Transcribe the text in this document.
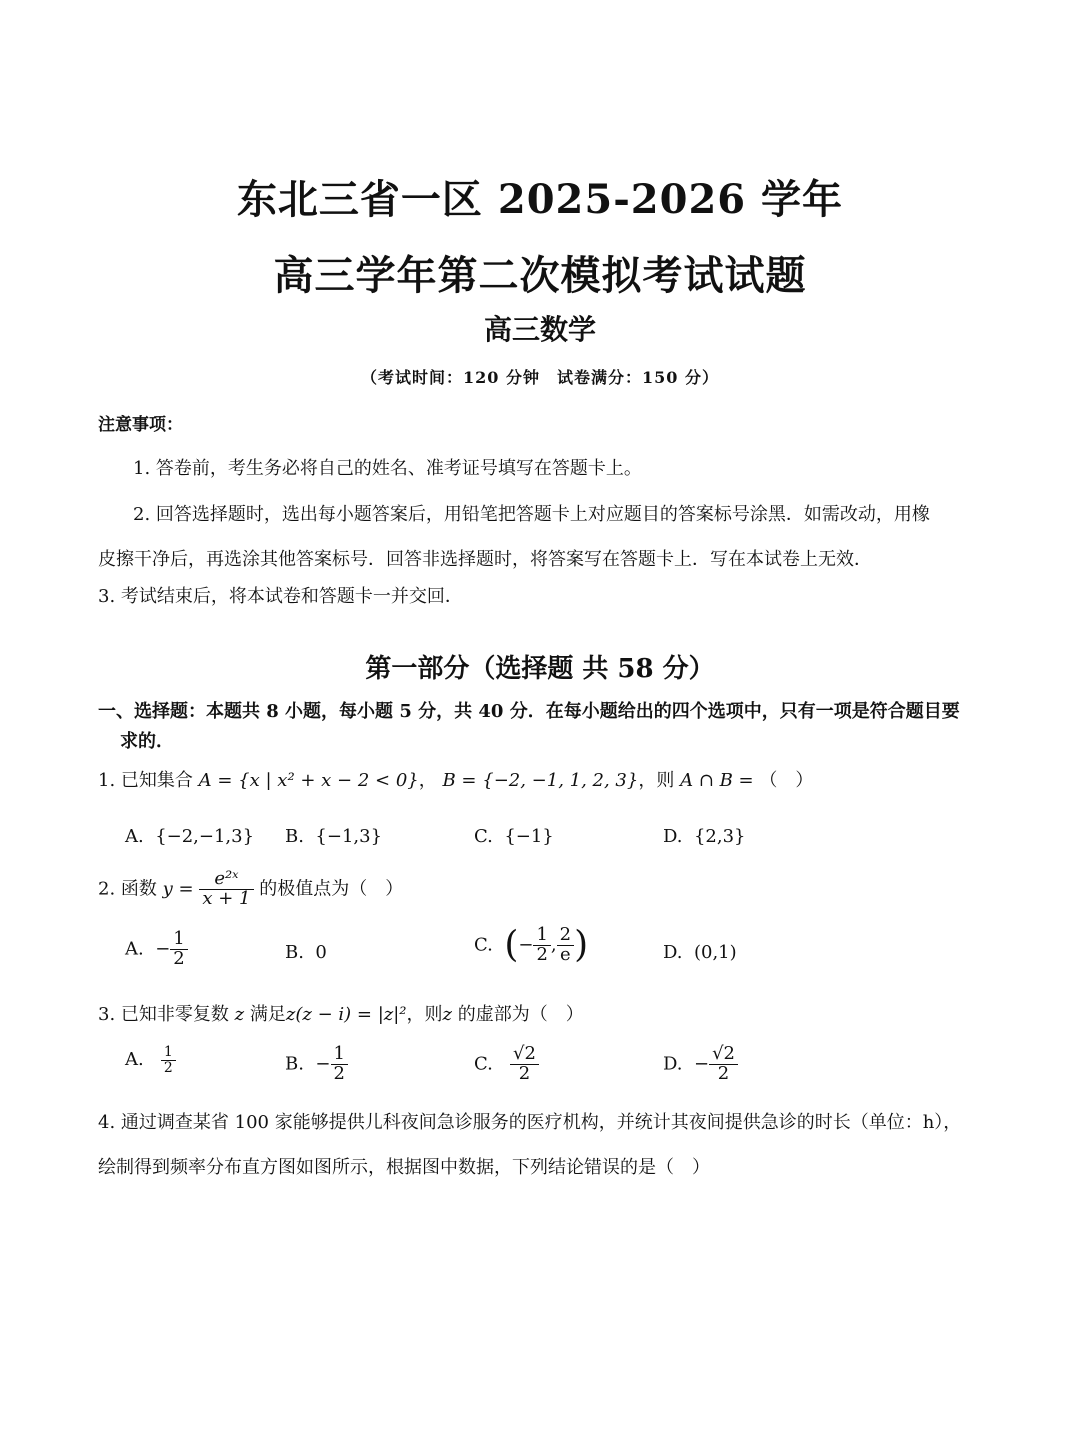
东北三省一区 2025-2026 学年
高三学年第二次模拟考试试题
高三数学
（考试时间：120 分钟　试卷满分：150 分）
注意事项：
1. 答卷前，考生务必将自己的姓名、准考证号填写在答题卡上。
2. 回答选择题时，选出每小题答案后，用铅笔把答题卡上对应题目的答案标号涂黑．如需改动，用橡
皮擦干净后，再选涂其他答案标号．回答非选择题时，将答案写在答题卡上．写在本试卷上无效．
3. 考试结束后，将本试卷和答题卡一并交回．
第一部分（选择题 共 58 分）
一、选择题：本题共 8 小题，每小题 5 分，共 40 分．在每小题给出的四个选项中，只有一项是符合题目要
求的．
1. 已知集合 A = {x | x² + x − 2 < 0}， B = {−2, −1, 1, 2, 3}，则 A ∩ B = （　）
A. {−2,−1,3} B. {−1,3}	C. {−1}	D. {2,3}
2. 函数 $y = \frac{\text{e²ˣ}}{x + 1}$ 的极值点为（　）
A. − $\frac{1}{2}$	B. 0	C. (− $\frac{1}{2}$ , $\frac{2}{e}$ )	D. (0,1)
3. 已知非零复数 z 满足z(z − i) = |z|²，则z 的虚部为（　）
A. $\frac{1}{2}$	B. − $\frac{1}{2}$	C. $\frac{√2}{2}$	D. − $\frac{√2}{2}$
4. 通过调查某省 100 家能够提供儿科夜间急诊服务的医疗机构，并统计其夜间提供急诊的时长（单位：h），
绘制得到频率分布直方图如图所示，根据图中数据，下列结论错误的是（　）
